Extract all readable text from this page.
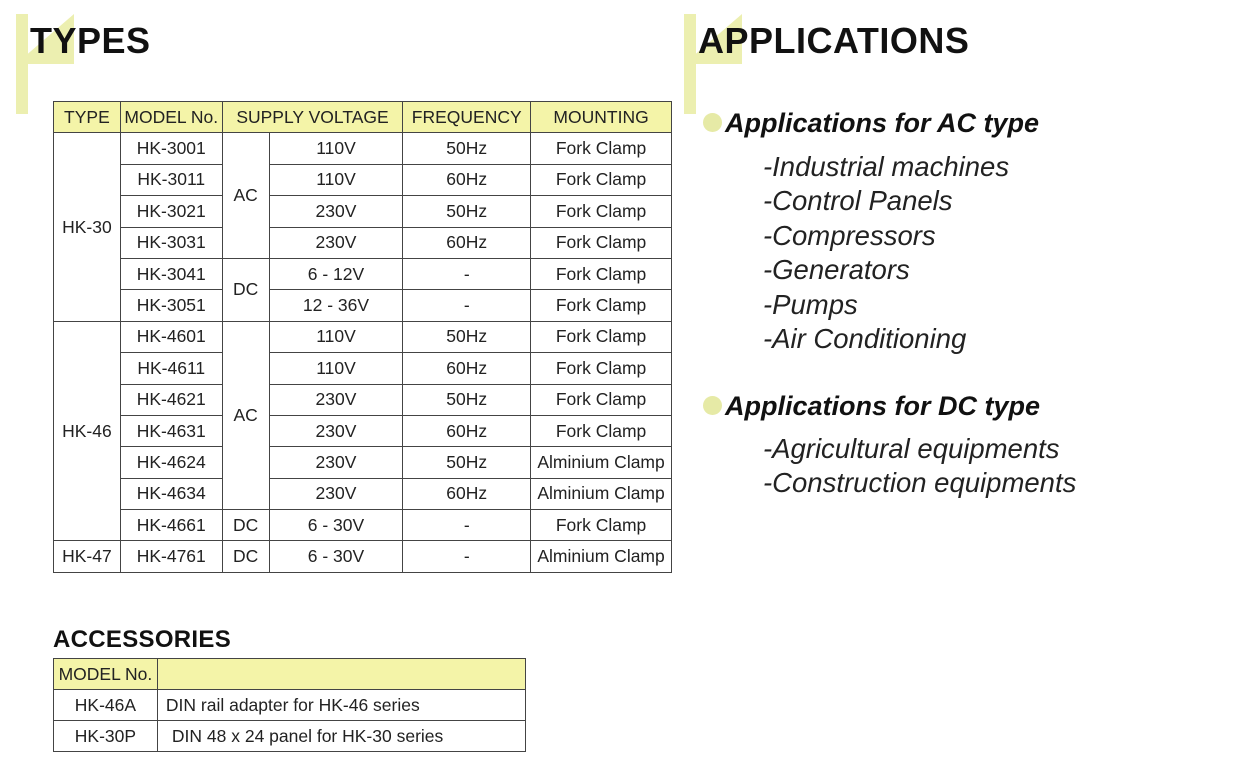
TYPES
TYPE	MODEL No.	SUPPLY VOLTAGE		FREQUENCY	MOUNTING
HK-30	HK-3001	AC	110V	50Hz	Fork Clamp
	HK-3011		110V	60Hz	Fork Clamp
	HK-3021		230V	50Hz	Fork Clamp
	HK-3031		230V	60Hz	Fork Clamp
	HK-3041	DC	6 - 12V	-	Fork Clamp
	HK-3051		12 - 36V	-	Fork Clamp
HK-46	HK-4601	AC	110V	50Hz	Fork Clamp
	HK-4611		110V	60Hz	Fork Clamp
	HK-4621		230V	50Hz	Fork Clamp
	HK-4631		230V	60Hz	Fork Clamp
	HK-4624		230V	50Hz	Alminium Clamp
	HK-4634		230V	60Hz	Alminium Clamp
	HK-4661	DC	6 - 30V	-	Fork Clamp
HK-47	HK-4761	DC	6 - 30V	-	Alminium Clamp
ACCESSORIES
MODEL No.	
HK-46A	DIN rail adapter for HK-46 series
HK-30P	DIN 48 x 24 panel for HK-30 series
APPLICATIONS
Applications for AC type
-Industrial machines
-Control Panels
-Compressors
-Generators
-Pumps
-Air Conditioning
Applications for DC type
-Agricultural equipments
-Construction equipments
